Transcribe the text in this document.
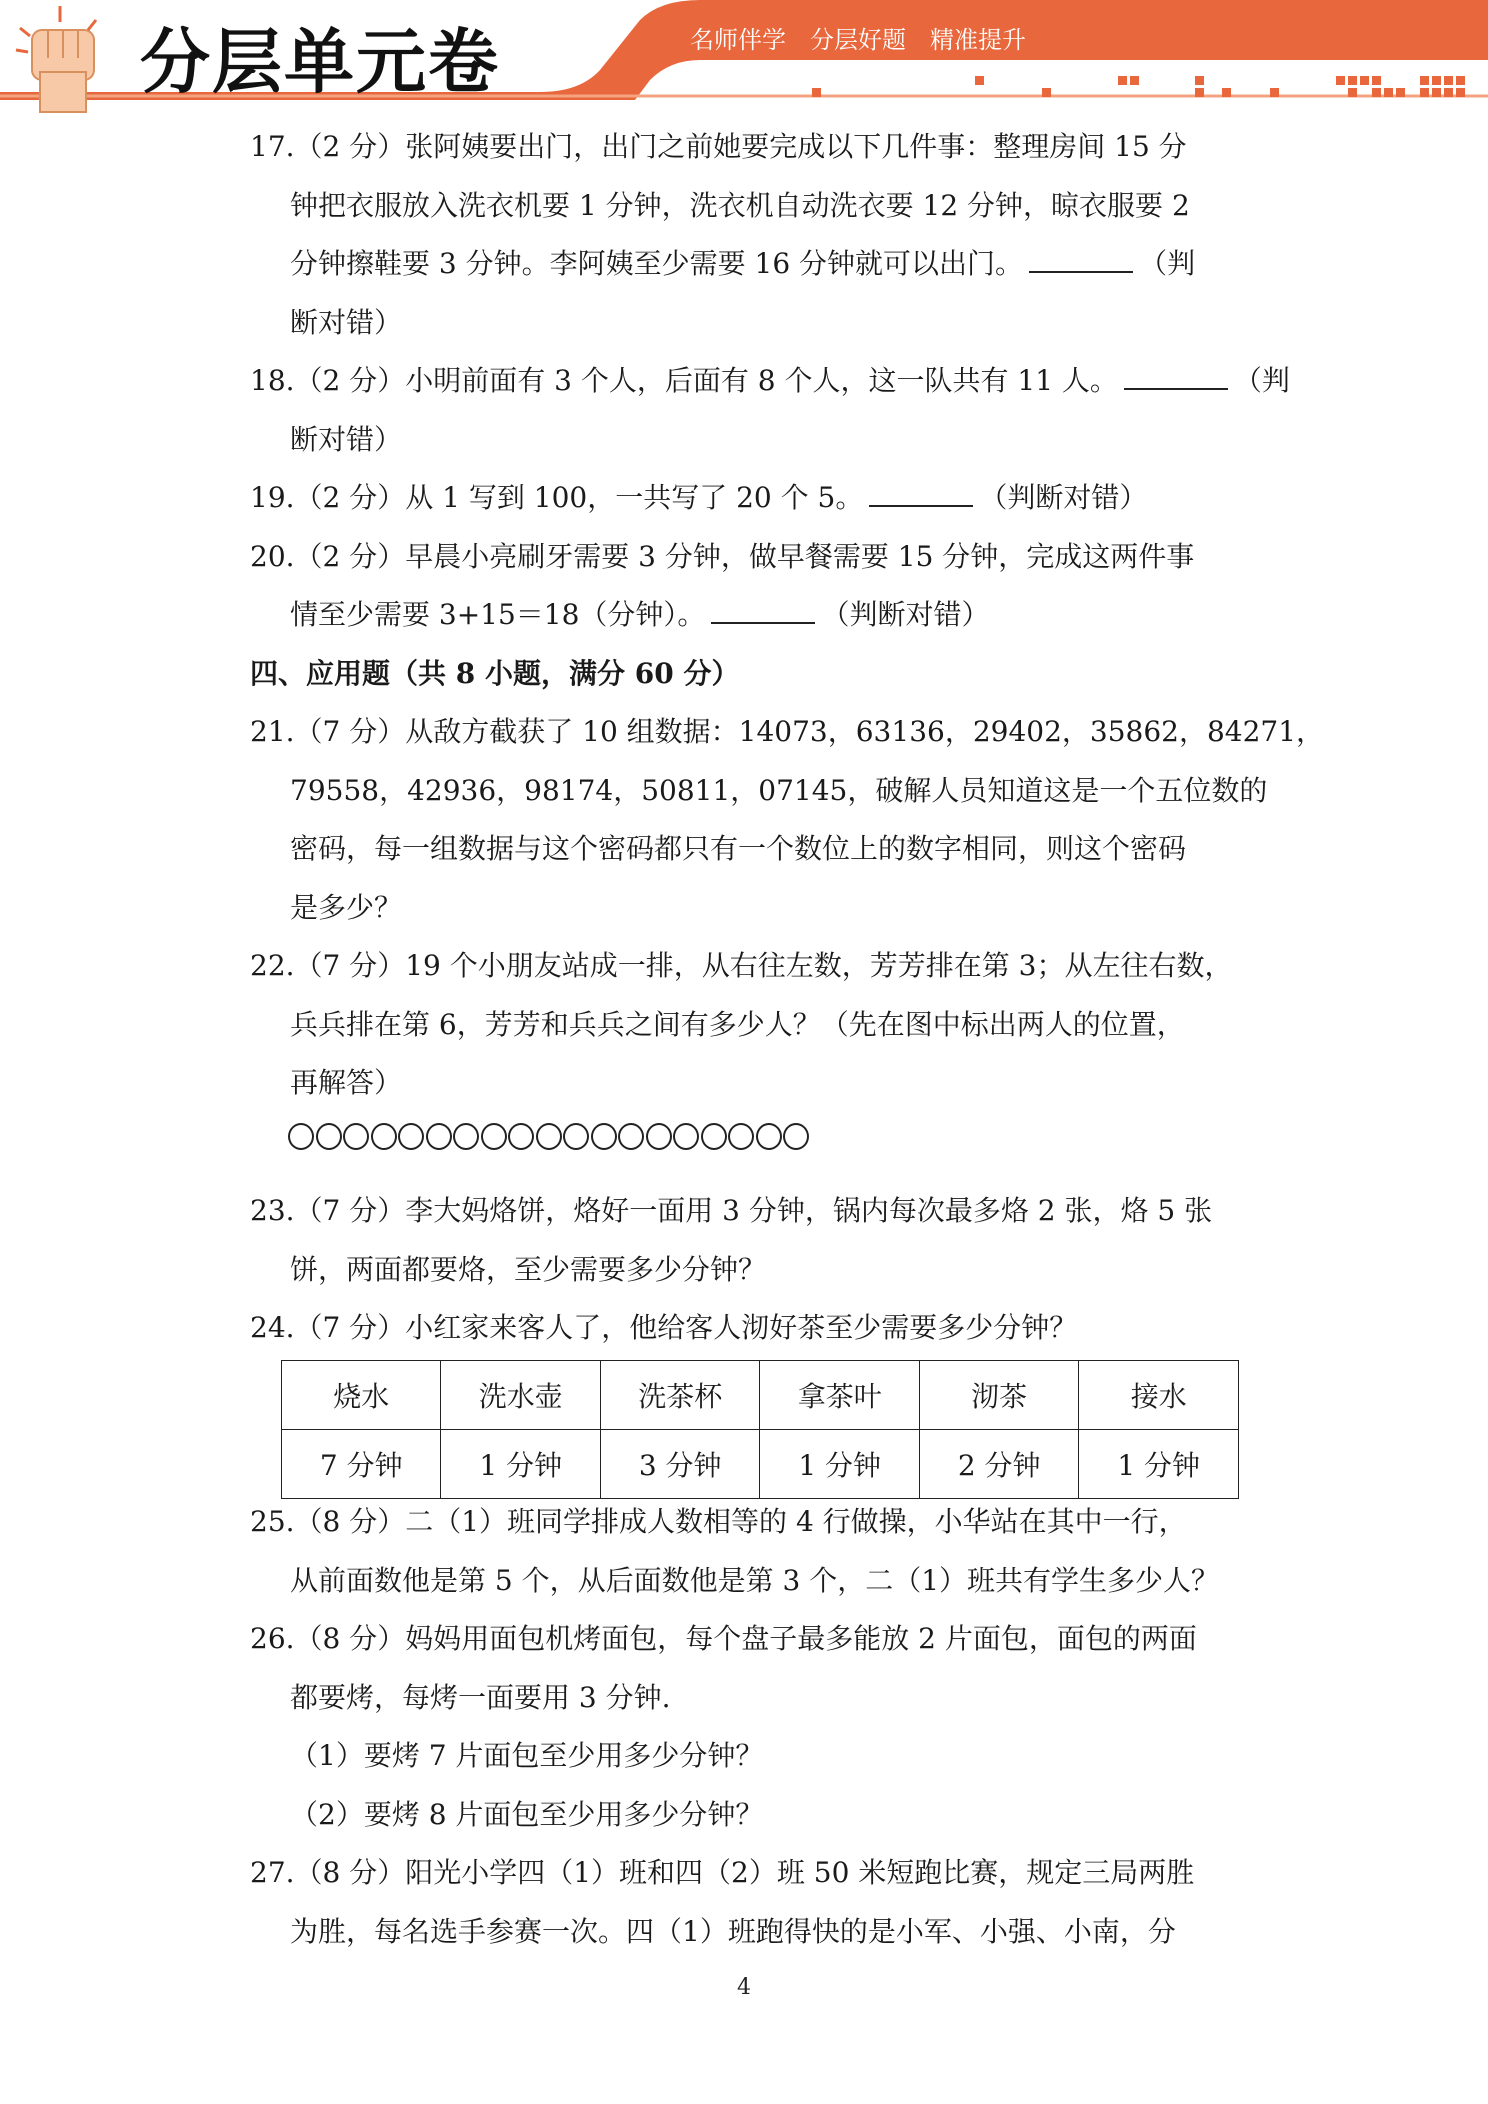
分层单元卷	名师伴学　分层好题　精准提升
17.（2 分）张阿姨要出门，出门之前她要完成以下几件事：整理房间 15 分
钟把衣服放入洗衣机要 1 分钟，洗衣机自动洗衣要 12 分钟，晾衣服要 2
分钟擦鞋要 3 分钟。李阿姨至少需要 16 分钟就可以出门。	（判
断对错）
18.（2 分）小明前面有 3 个人，后面有 8 个人，这一队共有 11 人。	（判
断对错）
19.（2 分）从 1 写到 100，一共写了 20 个 5。	（判断对错）
20.（2 分）早晨小亮刷牙需要 3 分钟，做早餐需要 15 分钟，完成这两件事
情至少需要 3+15＝18（分钟）。	（判断对错）
四、应用题（共 8 小题，满分 60 分）
21.（7 分）从敌方截获了 10 组数据：14073，63136，29402，35862，84271，
79558，42936，98174，50811，07145，破解人员知道这是一个五位数的
密码，每一组数据与这个密码都只有一个数位上的数字相同，则这个密码
是多少？
22.（7 分）19 个小朋友站成一排，从右往左数，芳芳排在第 3；从左往右数，
兵兵排在第 6，芳芳和兵兵之间有多少人？（先在图中标出两人的位置，
再解答）
23.（7 分）李大妈烙饼，烙好一面用 3 分钟，锅内每次最多烙 2 张，烙 5 张
饼，两面都要烙，至少需要多少分钟？
24.（7 分）小红家来客人了，他给客人沏好茶至少需要多少分钟？
烧水	洗水壶	洗茶杯	拿茶叶	沏茶	接水
7 分钟	1 分钟	3 分钟	1 分钟	2 分钟	1 分钟
25.（8 分）二（1）班同学排成人数相等的 4 行做操，小华站在其中一行，
从前面数他是第 5 个，从后面数他是第 3 个，二（1）班共有学生多少人？
26.（8 分）妈妈用面包机烤面包，每个盘子最多能放 2 片面包，面包的两面
都要烤，每烤一面要用 3 分钟.
（1）要烤 7 片面包至少用多少分钟？
（2）要烤 8 片面包至少用多少分钟？
27.（8 分）阳光小学四（1）班和四（2）班 50 米短跑比赛，规定三局两胜
为胜，每名选手参赛一次。四（1）班跑得快的是小军、小强、小南，分
4
